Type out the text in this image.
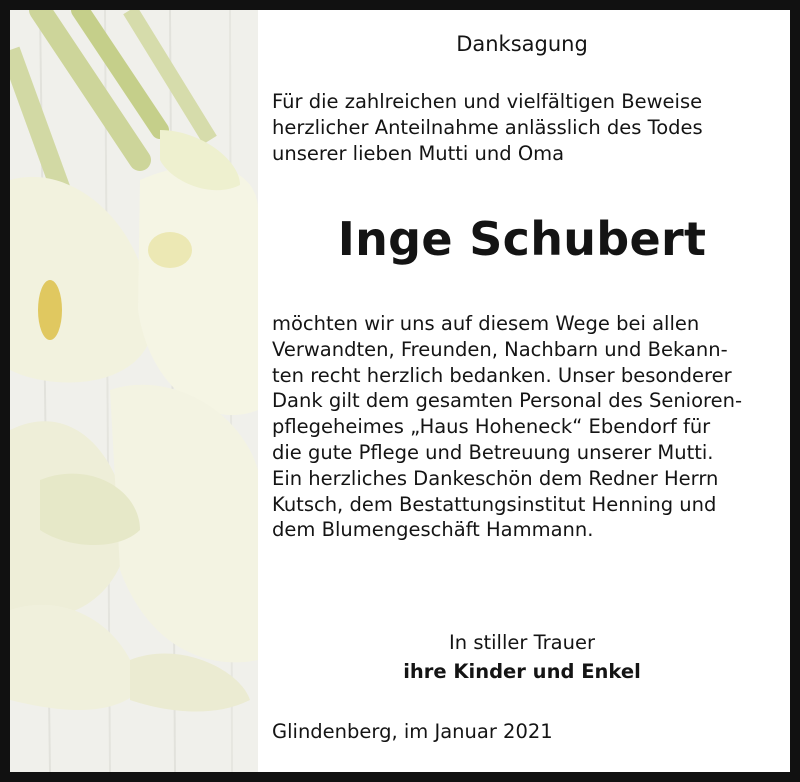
Danksagung
Für die zahlreichen und vielfältigen Beweise
herzlicher Anteilnahme anlässlich des Todes
unserer lieben Mutti und Oma
Inge Schubert
möchten wir uns auf diesem Wege bei allen
Verwandten, Freunden, Nachbarn und Bekann-
ten recht herzlich bedanken. Unser besonderer
Dank gilt dem gesamten Personal des Senioren-
pflegeheimes „Haus Hoheneck“ Ebendorf für
die gute Pflege und Betreuung unserer Mutti.
Ein herzliches Dankeschön dem Redner Herrn
Kutsch, dem Bestattungsinstitut Henning und
dem Blumengeschäft Hammann.
In stiller Trauer
ihre Kinder und Enkel
Glindenberg, im Januar 2021
